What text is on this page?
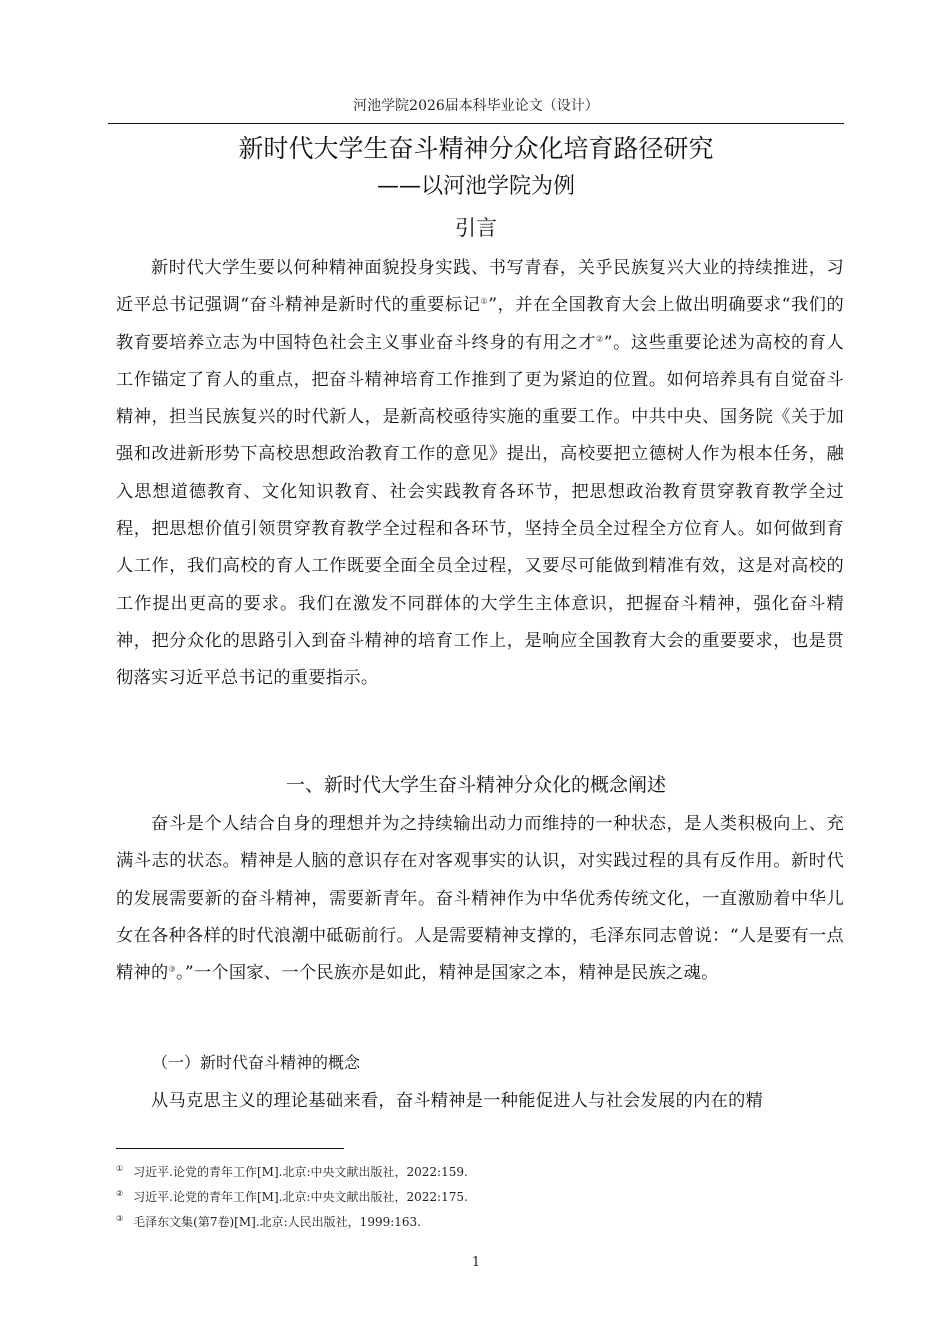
河池学院2026届本科毕业论文（设计）
新时代大学生奋斗精神分众化培育路径研究
——以河池学院为例
引言

新时代大学生要以何种精神面貌投身实践、书写青春，关乎民族复兴大业的持续推进，习近平总书记强调“奋斗精神是新时代的重要标记①”，并在全国教育大会上做出明确要求“我们的教育要培养立志为中国特色社会主义事业奋斗终身的有用之才②”。这些重要论述为高校的育人工作锚定了育人的重点，把奋斗精神培育工作推到了更为紧迫的位置。如何培养具有自觉奋斗精神，担当民族复兴的时代新人，是新高校亟待实施的重要工作。中共中央、国务院《关于加强和改进新形势下高校思想政治教育工作的意见》提出，高校要把立德树人作为根本任务，融入思想道德教育、文化知识教育、社会实践教育各环节，把思想政治教育贯穿教育教学全过程，把思想价值引领贯穿教育教学全过程和各环节，坚持全员全过程全方位育人。如何做到育人工作，我们高校的育人工作既要全面全员全过程，又要尽可能做到精准有效，这是对高校的工作提出更高的要求。我们在激发不同群体的大学生主体意识，把握奋斗精神，强化奋斗精神，把分众化的思路引入到奋斗精神的培育工作上，是响应全国教育大会的重要要求，也是贯彻落实习近平总书记的重要指示。

一、新时代大学生奋斗精神分众化的概念阐述

奋斗是个人结合自身的理想并为之持续输出动力而维持的一种状态，是人类积极向上、充满斗志的状态。精神是人脑的意识存在对客观事实的认识，对实践过程的具有反作用。新时代的发展需要新的奋斗精神，需要新青年。奋斗精神作为中华优秀传统文化，一直激励着中华儿女在各种各样的时代浪潮中砥砺前行。人是需要精神支撑的，毛泽东同志曾说：“人是要有一点精神的③。”一个国家、一个民族亦是如此，精神是国家之本，精神是民族之魂。

（一）新时代奋斗精神的概念

从马克思主义的理论基础来看，奋斗精神是一种能促进人与社会发展的内在的精

① 习近平.论党的青年工作[M].北京:中央文献出版社，2022:159.
② 习近平.论党的青年工作[M].北京:中央文献出版社，2022:175.
③ 毛泽东文集(第7卷)[M].北京:人民出版社，1999:163.
1
